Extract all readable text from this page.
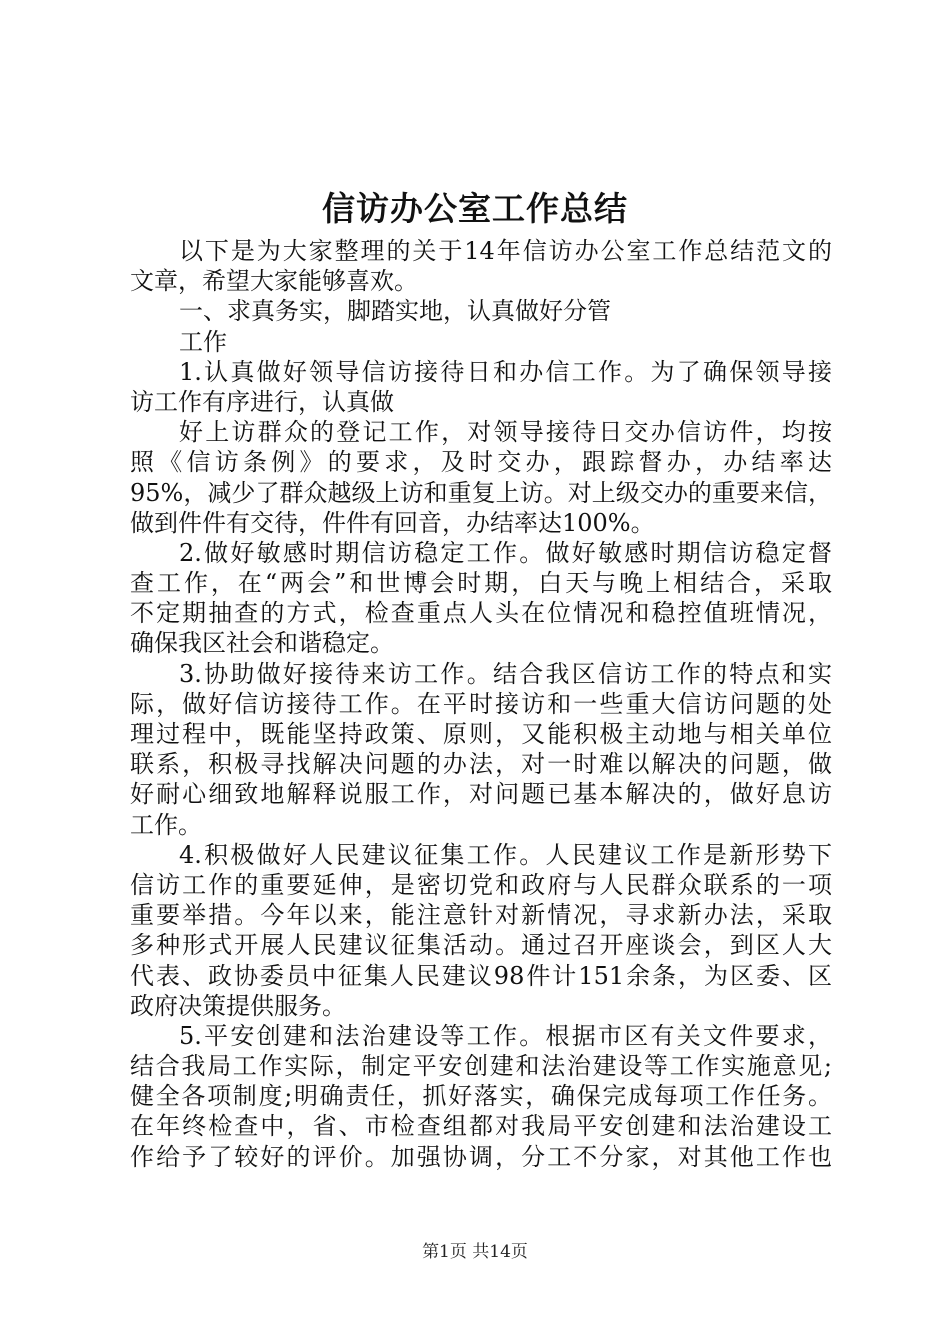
信访办公室工作总结
以下是为大家整理的关于14年信访办公室工作总结范文的
文章，希望大家能够喜欢。
一、求真务实，脚踏实地，认真做好分管
工作
1.认真做好领导信访接待日和办信工作。为了确保领导接
访工作有序进行，认真做
好上访群众的登记工作，对领导接待日交办信访件，均按
照《信访条例》的要求，及时交办，跟踪督办，办结率达
95%，减少了群众越级上访和重复上访。对上级交办的重要来信，
做到件件有交待，件件有回音，办结率达100%。
2.做好敏感时期信访稳定工作。做好敏感时期信访稳定督
查工作，在“两会”和世博会时期，白天与晚上相结合，采取
不定期抽查的方式，检查重点人头在位情况和稳控值班情况，
确保我区社会和谐稳定。
3.协助做好接待来访工作。结合我区信访工作的特点和实
际，做好信访接待工作。在平时接访和一些重大信访问题的处
理过程中，既能坚持政策、原则，又能积极主动地与相关单位
联系，积极寻找解决问题的办法，对一时难以解决的问题，做
好耐心细致地解释说服工作，对问题已基本解决的，做好息访
工作。
4.积极做好人民建议征集工作。人民建议工作是新形势下
信访工作的重要延伸，是密切党和政府与人民群众联系的一项
重要举措。今年以来，能注意针对新情况，寻求新办法，采取
多种形式开展人民建议征集活动。通过召开座谈会，到区人大
代表、政协委员中征集人民建议98件计151余条，为区委、区
政府决策提供服务。
5.平安创建和法治建设等工作。根据市区有关文件要求，
结合我局工作实际，制定平安创建和法治建设等工作实施意见;
健全各项制度;明确责任，抓好落实，确保完成每项工作任务。
在年终检查中，省、市检查组都对我局平安创建和法治建设工
作给予了较好的评价。加强协调，分工不分家，对其他工作也
第1页 共14页
